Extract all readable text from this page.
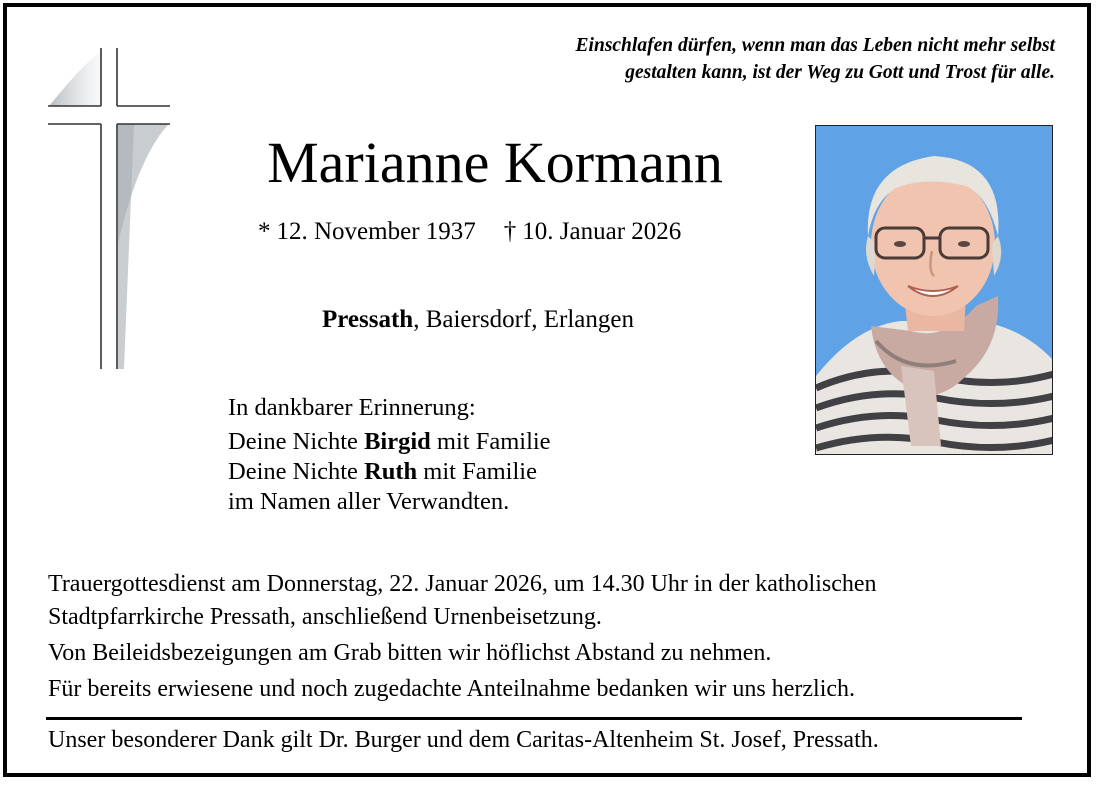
Einschlafen dürfen, wenn man das Leben nicht mehr selbst
gestalten kann, ist der Weg zu Gott und Trost für alle.
Marianne Kormann
* 12. November 1937 † 10. Januar 2026
Pressath, Baiersdorf, Erlangen
In dankbarer Erinnerung:
Deine Nichte Birgid mit Familie
Deine Nichte Ruth mit Familie
im Namen aller Verwandten.

Trauergottesdienst am Donnerstag, 22. Januar 2026, um 14.30 Uhr in der katholischen
Stadtpfarrkirche Pressath, anschließend Urnenbeisetzung.

Von Beileidsbezeigungen am Grab bitten wir höflichst Abstand zu nehmen.

Für bereits erwiesene und noch zugedachte Anteilnahme bedanken wir uns herzlich.

Unser besonderer Dank gilt Dr. Burger und dem Caritas-Altenheim St. Josef, Pressath.
